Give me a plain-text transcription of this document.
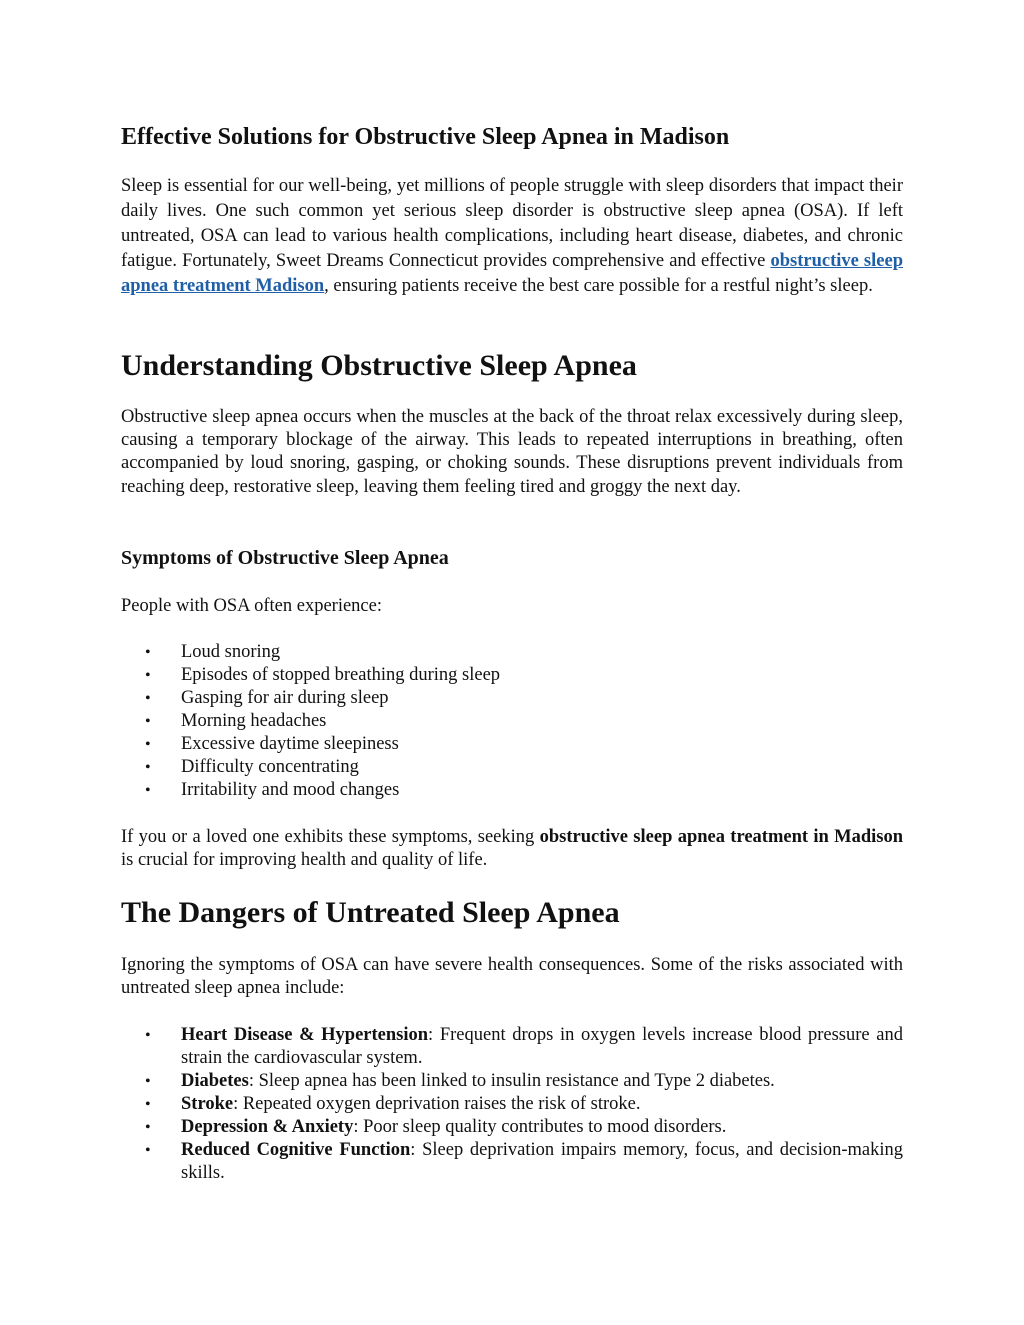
Effective Solutions for Obstructive Sleep Apnea in Madison

Sleep is essential for our well-being, yet millions of people struggle with sleep disorders that impact their daily lives. One such common yet serious sleep disorder is obstructive sleep apnea (OSA). If left untreated, OSA can lead to various health complications, including heart disease, diabetes, and chronic fatigue. Fortunately, Sweet Dreams Connecticut provides comprehensive and effective obstructive sleep apnea treatment Madison, ensuring patients receive the best care possible for a restful night’s sleep.

Understanding Obstructive Sleep Apnea

Obstructive sleep apnea occurs when the muscles at the back of the throat relax excessively during sleep, causing a temporary blockage of the airway. This leads to repeated interruptions in breathing, often accompanied by loud snoring, gasping, or choking sounds. These disruptions prevent individuals from reaching deep, restorative sleep, leaving them feeling tired and groggy the next day.

Symptoms of Obstructive Sleep Apnea

People with OSA often experience:

• Loud snoring
• Episodes of stopped breathing during sleep
• Gasping for air during sleep
• Morning headaches
• Excessive daytime sleepiness
• Difficulty concentrating
• Irritability and mood changes

If you or a loved one exhibits these symptoms, seeking obstructive sleep apnea treatment in Madison is crucial for improving health and quality of life.

The Dangers of Untreated Sleep Apnea

Ignoring the symptoms of OSA can have severe health consequences. Some of the risks associated with untreated sleep apnea include:

• Heart Disease & Hypertension: Frequent drops in oxygen levels increase blood pressure and strain the cardiovascular system.
• Diabetes: Sleep apnea has been linked to insulin resistance and Type 2 diabetes.
• Stroke: Repeated oxygen deprivation raises the risk of stroke.
• Depression & Anxiety: Poor sleep quality contributes to mood disorders.
• Reduced Cognitive Function: Sleep deprivation impairs memory, focus, and decision-making skills.
